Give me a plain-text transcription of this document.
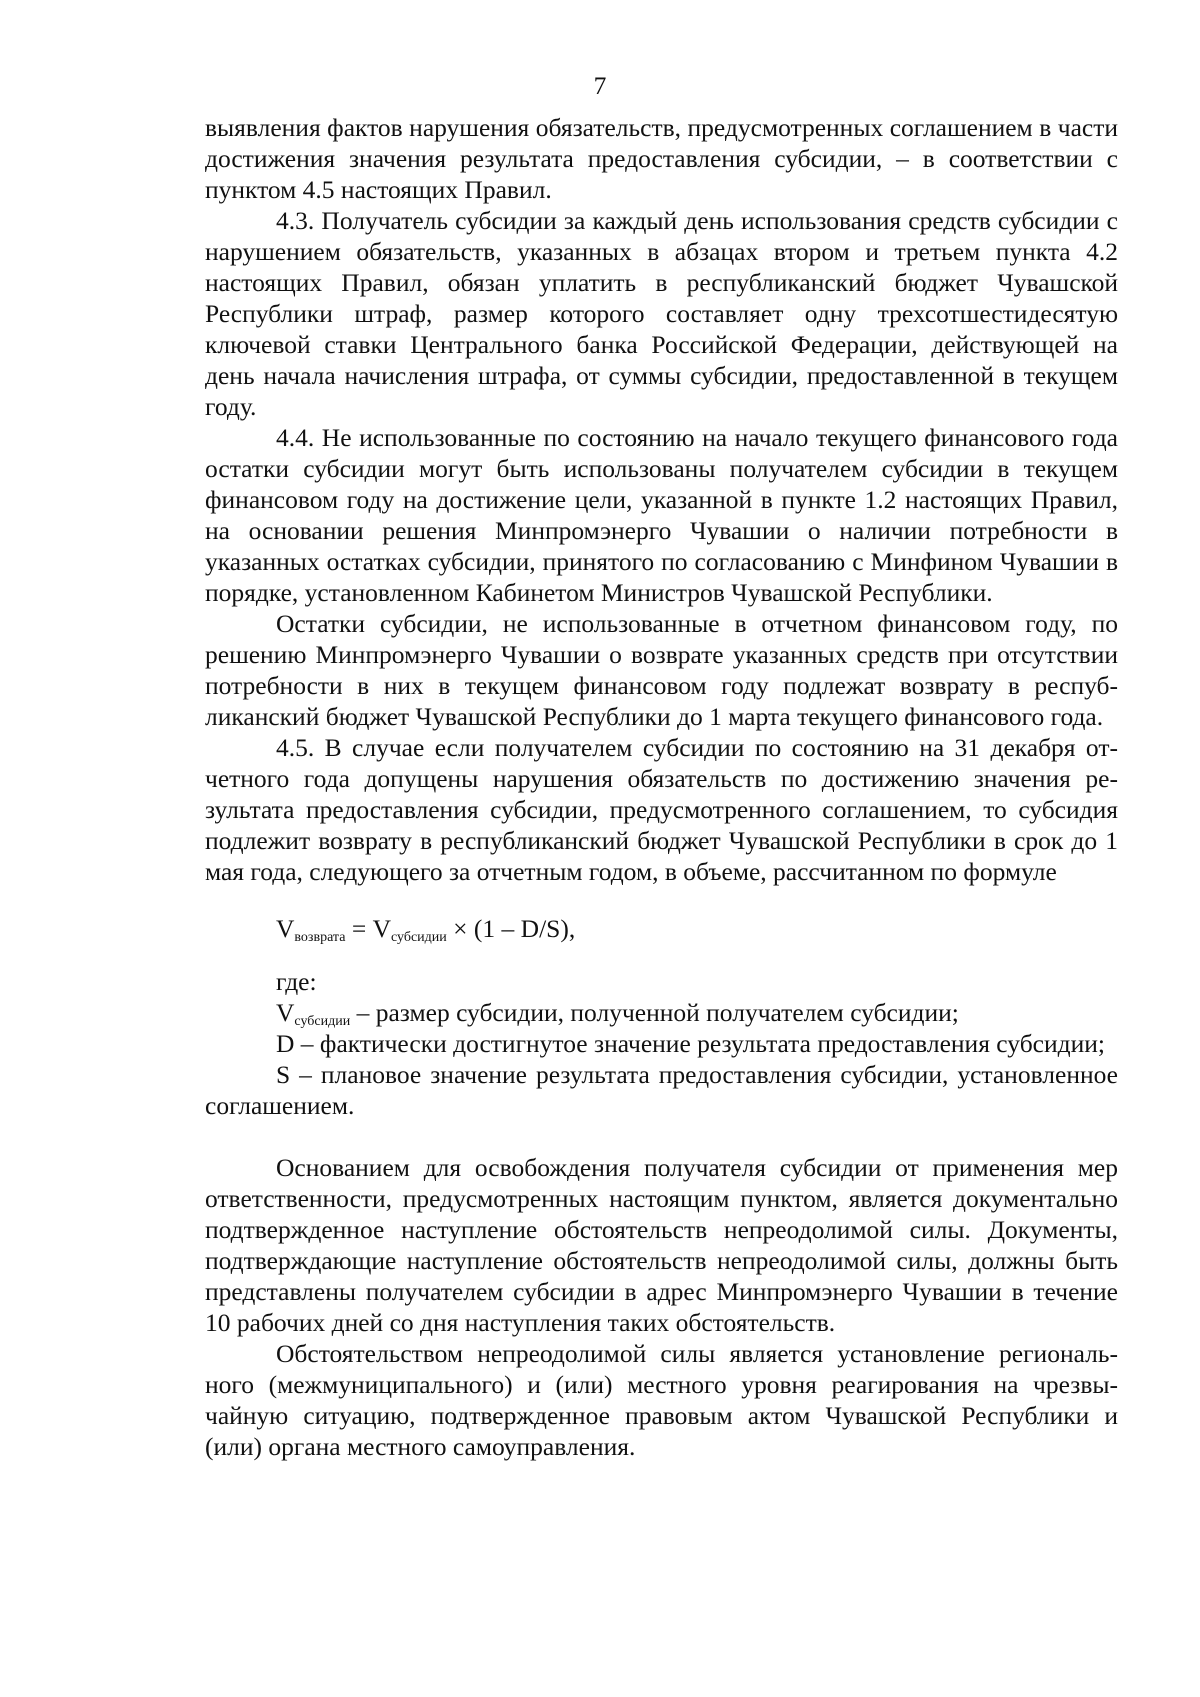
7

выявления фактов нарушения обязательств, предусмотренных соглашением в части достижения значения результата предоставления субсидии, – в соответствии с пунктом 4.5 настоящих Правил.

4.3. Получатель субсидии за каждый день использования средств субсидии с нарушением обязательств, указанных в абзацах втором и третьем пункта 4.2 настоящих Правил, обязан уплатить в республиканский бюджет Чувашской Республики штраф, размер которого составляет одну трехсотшестидесятую ключевой ставки Центрального банка Российской Федерации, действующей на день начала начисления штрафа, от суммы субсидии, предоставленной в текущем году.

4.4. Не использованные по состоянию на начало текущего финансового года остатки субсидии могут быть использованы получателем субсидии в текущем финансовом году на достижение цели, указанной в пункте 1.2 настоящих Правил, на основании решения Минпромэнерго Чувашии о наличии потребности в указанных остатках субсидии, принятого по согласованию с Минфином Чувашии в порядке, установленном Кабинетом Министров Чувашской Республики.

Остатки субсидии, не использованные в отчетном финансовом году, по решению Минпромэнерго Чувашии о возврате указанных средств при отсутствии потребности в них в текущем финансовом году подлежат возврату в республиканский бюджет Чувашской Республики до 1 марта текущего финансового года.

4.5. В случае если получателем субсидии по состоянию на 31 декабря отчетного года допущены нарушения обязательств по достижению значения результата предоставления субсидии, предусмотренного соглашением, то субсидия подлежит возврату в республиканский бюджет Чувашской Республики в срок до 1 мая года, следующего за отчетным годом, в объеме, рассчитанном по формуле

$V_{возврата} = V_{субсидии} \times (1 - D/S)$,

где:

$V_{субсидии}$ – размер субсидии, полученной получателем субсидии;

D – фактически достигнутое значение результата предоставления субсидии;

S – плановое значение результата предоставления субсидии, установленное соглашением.

Основанием для освобождения получателя субсидии от применения мер ответственности, предусмотренных настоящим пунктом, является документально подтвержденное наступление обстоятельств непреодолимой силы. Документы, подтверждающие наступление обстоятельств непреодолимой силы, должны быть представлены получателем субсидии в адрес Минпромэнерго Чувашии в течение 10 рабочих дней со дня наступления таких обстоятельств.

Обстоятельством непреодолимой силы является установление регионального (межмуниципального) и (или) местного уровня реагирования на чрезвычайную ситуацию, подтвержденное правовым актом Чувашской Республики и (или) органа местного самоуправления.
